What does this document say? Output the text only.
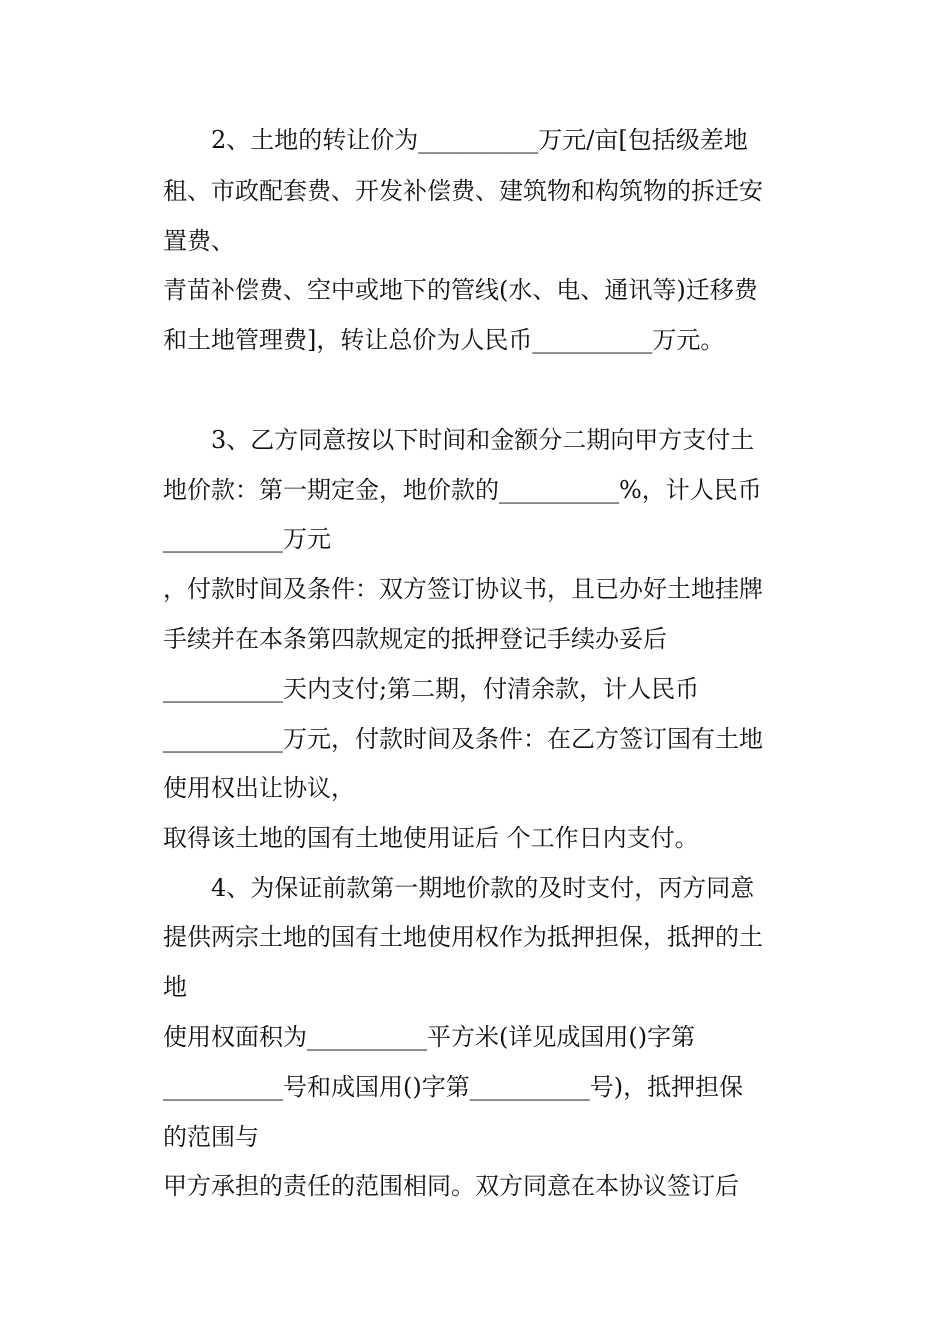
2、土地的转让价为__________万元/亩[包括级差地
租、市政配套费、开发补偿费、建筑物和构筑物的拆迁安
置费、
青苗补偿费、空中或地下的管线(水、电、通讯等)迁移费
和土地管理费]，转让总价为人民币__________万元。
3、乙方同意按以下时间和金额分二期向甲方支付土
地价款：第一期定金，地价款的__________%，计人民币
__________万元
，付款时间及条件：双方签订协议书，且已办好土地挂牌
手续并在本条第四款规定的抵押登记手续办妥后
__________天内支付;第二期，付清余款，计人民币
__________万元，付款时间及条件：在乙方签订国有土地
使用权出让协议，
取得该土地的国有土地使用证后 个工作日内支付。
4、为保证前款第一期地价款的及时支付，丙方同意
提供两宗土地的国有土地使用权作为抵押担保，抵押的土
地
使用权面积为__________平方米(详见成国用()字第
__________号和成国用()字第__________号)，抵押担保
的范围与
甲方承担的责任的范围相同。双方同意在本协议签订后
